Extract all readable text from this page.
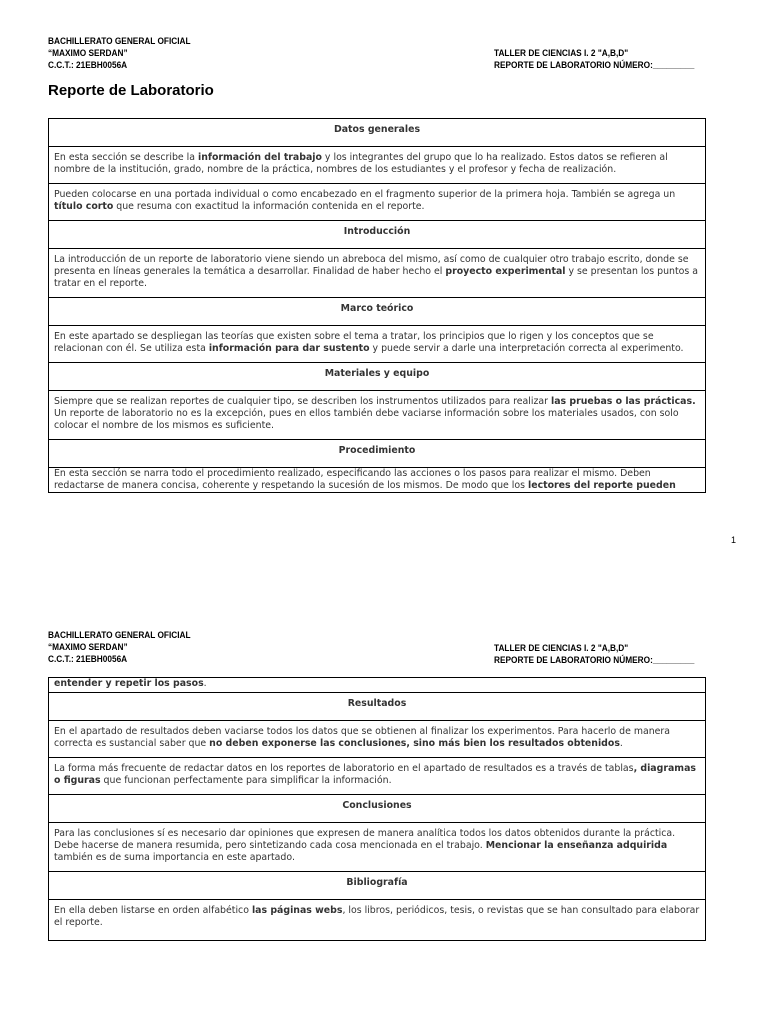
BACHILLERATO GENERAL OFICIAL
“MAXIMO SERDAN”
C.C.T.: 21EBH0056A
TALLER DE CIENCIAS I. 2 "A,B,D"
REPORTE DE LABORATORIO NÚMERO:_________
Reporte de Laboratorio
Datos generales
En esta sección se describe la información del trabajo y los integrantes del grupo que lo ha realizado. Estos datos se refieren al nombre de la institución, grado, nombre de la práctica, nombres de los estudiantes y el profesor y fecha de realización.
Pueden colocarse en una portada individual o como encabezado en el fragmento superior de la primera hoja. También se agrega un título corto que resuma con exactitud la información contenida en el reporte.
Introducción
La introducción de un reporte de laboratorio viene siendo un abreboca del mismo, así como de cualquier otro trabajo escrito, donde se presenta en líneas generales la temática a desarrollar. Finalidad de haber hecho el proyecto experimental y se presentan los puntos a tratar en el reporte.
Marco teórico
En este apartado se despliegan las teorías que existen sobre el tema a tratar, los principios que lo rigen y los conceptos que se relacionan con él. Se utiliza esta información para dar sustento y puede servir a darle una interpretación correcta al experimento.
Materiales y equipo
Siempre que se realizan reportes de cualquier tipo, se describen los instrumentos utilizados para realizar las pruebas o las prácticas. Un reporte de laboratorio no es la excepción, pues en ellos también debe vaciarse información sobre los materiales usados, con solo colocar el nombre de los mismos es suficiente.
Procedimiento
En esta sección se narra todo el procedimiento realizado, especificando las acciones o los pasos para realizar el mismo. Deben redactarse de manera concisa, coherente y respetando la sucesión de los mismos. De modo que los lectores del reporte pueden
1
BACHILLERATO GENERAL OFICIAL
“MAXIMO SERDAN”
C.C.T.: 21EBH0056A
TALLER DE CIENCIAS I. 2 "A,B,D"
REPORTE DE LABORATORIO NÚMERO:_________
entender y repetir los pasos.
Resultados
En el apartado de resultados deben vaciarse todos los datos que se obtienen al finalizar los experimentos. Para hacerlo de manera correcta es sustancial saber que no deben exponerse las conclusiones, sino más bien los resultados obtenidos.
La forma más frecuente de redactar datos en los reportes de laboratorio en el apartado de resultados es a través de tablas, diagramas o figuras que funcionan perfectamente para simplificar la información.
Conclusiones
Para las conclusiones sí es necesario dar opiniones que expresen de manera analítica todos los datos obtenidos durante la práctica. Debe hacerse de manera resumida, pero sintetizando cada cosa mencionada en el trabajo. Mencionar la enseñanza adquirida también es de suma importancia en este apartado.
Bibliografía
En ella deben listarse en orden alfabético las páginas webs, los libros, periódicos, tesis, o revistas que se han consultado para elaborar el reporte.
